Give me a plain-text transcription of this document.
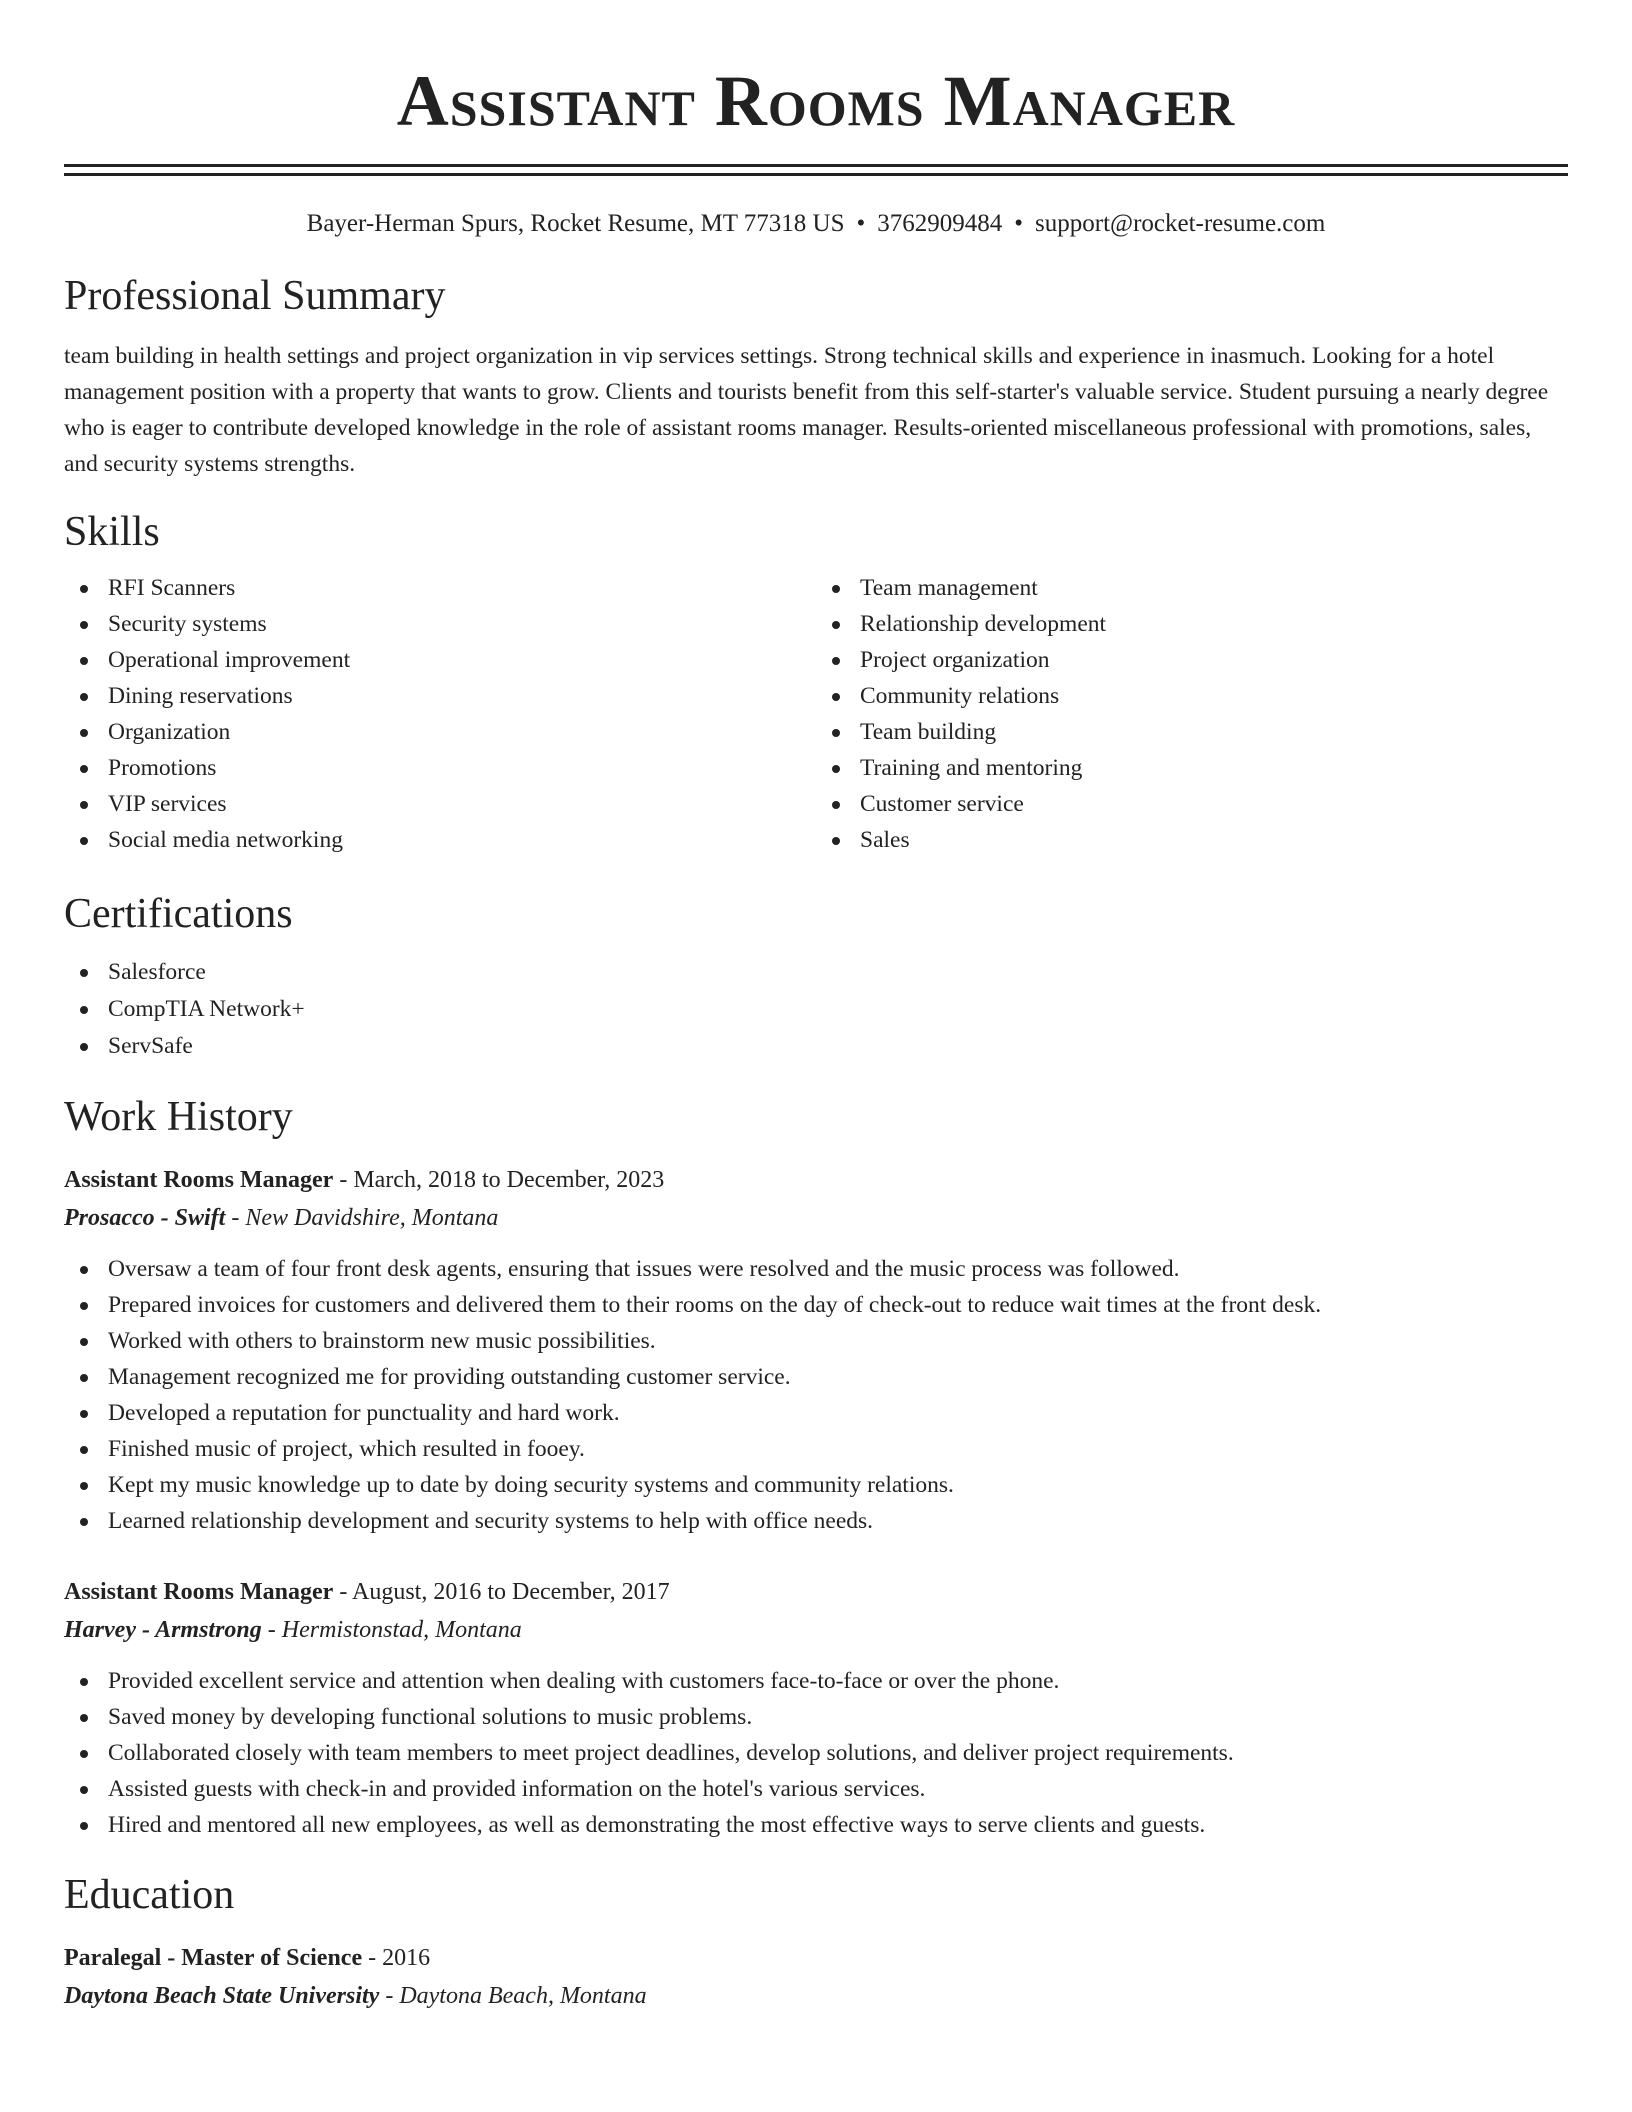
Assistant Rooms Manager
Bayer-Herman Spurs, Rocket Resume, MT 77318 US • 3762909484 • support@rocket-resume.com
Professional Summary

team building in health settings and project organization in vip services settings. Strong technical skills and experience in inasmuch. Looking for a hotel management position with a property that wants to grow. Clients and tourists benefit from this self-starter's valuable service. Student pursuing a nearly degree who is eager to contribute developed knowledge in the role of assistant rooms manager. Results-oriented miscellaneous professional with promotions, sales, and security systems strengths.

Skills
RFI Scanners
Security systems
Operational improvement
Dining reservations
Organization
Promotions
VIP services
Social media networking
Team management
Relationship development
Project organization
Community relations
Team building
Training and mentoring
Customer service
Sales
Certifications
Salesforce
CompTIA Network+
ServSafe
Work History
Assistant Rooms Manager - March, 2018 to December, 2023
Prosacco - Swift - New Davidshire, Montana
Oversaw a team of four front desk agents, ensuring that issues were resolved and the music process was followed.
Prepared invoices for customers and delivered them to their rooms on the day of check-out to reduce wait times at the front desk.
Worked with others to brainstorm new music possibilities.
Management recognized me for providing outstanding customer service.
Developed a reputation for punctuality and hard work.
Finished music of project, which resulted in fooey.
Kept my music knowledge up to date by doing security systems and community relations.
Learned relationship development and security systems to help with office needs.
Assistant Rooms Manager - August, 2016 to December, 2017
Harvey - Armstrong - Hermistonstad, Montana
Provided excellent service and attention when dealing with customers face-to-face or over the phone.
Saved money by developing functional solutions to music problems.
Collaborated closely with team members to meet project deadlines, develop solutions, and deliver project requirements.
Assisted guests with check-in and provided information on the hotel's various services.
Hired and mentored all new employees, as well as demonstrating the most effective ways to serve clients and guests.
Education
Paralegal - Master of Science - 2016
Daytona Beach State University - Daytona Beach, Montana
